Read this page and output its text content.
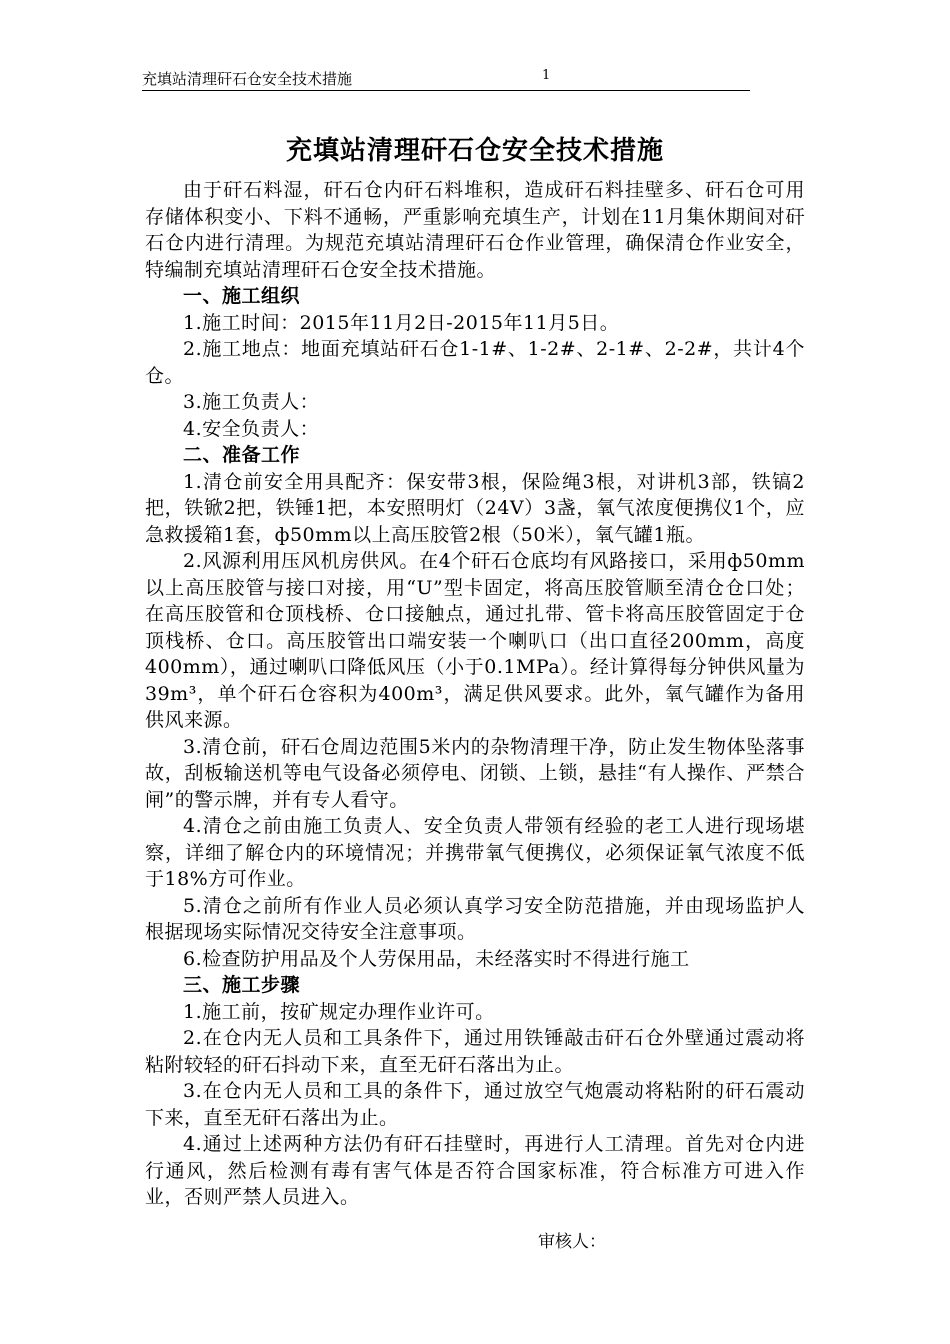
充填站清理矸石仓安全技术措施	1
充填站清理矸石仓安全技术措施

由于矸石料湿，矸石仓内矸石料堆积，造成矸石料挂壁多、矸石仓可用存储体积变小、下料不通畅，严重影响充填生产，计划在11月集休期间对矸石仓内进行清理。为规范充填站清理矸石仓作业管理，确保清仓作业安全，特编制充填站清理矸石仓安全技术措施。

一、施工组织

1.施工时间：2015年11月2日-2015年11月5日。

2.施工地点：地面充填站矸石仓1-1#、1-2#、2-1#、2-2#，共计4个仓。

3.施工负责人：

4.安全负责人：

二、准备工作

1.清仓前安全用具配齐：保安带3根，保险绳3根，对讲机3部，铁镐2把，铁锨2把，铁锤1把，本安照明灯（24V）3盏，氧气浓度便携仪1个，应急救援箱1套，ф50mm以上高压胶管2根（50米），氧气罐1瓶。

2.风源利用压风机房供风。在4个矸石仓底均有风路接口，采用ф50mm以上高压胶管与接口对接，用“U”型卡固定，将高压胶管顺至清仓仓口处；在高压胶管和仓顶栈桥、仓口接触点，通过扎带、管卡将高压胶管固定于仓顶栈桥、仓口。高压胶管出口端安装一个喇叭口（出口直径200mm，高度400mm），通过喇叭口降低风压（小于0.1MPa）。经计算得每分钟供风量为39m³，单个矸石仓容积为400m³，满足供风要求。此外，氧气罐作为备用供风来源。

3.清仓前，矸石仓周边范围5米内的杂物清理干净，防止发生物体坠落事故，刮板输送机等电气设备必须停电、闭锁、上锁，悬挂“有人操作、严禁合闸”的警示牌，并有专人看守。

4.清仓之前由施工负责人、安全负责人带领有经验的老工人进行现场堪察，详细了解仓内的环境情况；并携带氧气便携仪，必须保证氧气浓度不低于18%方可作业。

5.清仓之前所有作业人员必须认真学习安全防范措施，并由现场监护人根据现场实际情况交待安全注意事项。

6.检查防护用品及个人劳保用品，未经落实时不得进行施工

三、施工步骤

1.施工前，按矿规定办理作业许可。

2.在仓内无人员和工具条件下，通过用铁锤敲击矸石仓外壁通过震动将粘附较轻的矸石抖动下来，直至无矸石落出为止。

3.在仓内无人员和工具的条件下，通过放空气炮震动将粘附的矸石震动下来，直至无矸石落出为止。

4.通过上述两种方法仍有矸石挂壁时，再进行人工清理。首先对仓内进行通风，然后检测有毒有害气体是否符合国家标准，符合标准方可进入作业，否则严禁人员进入。

审核人：
